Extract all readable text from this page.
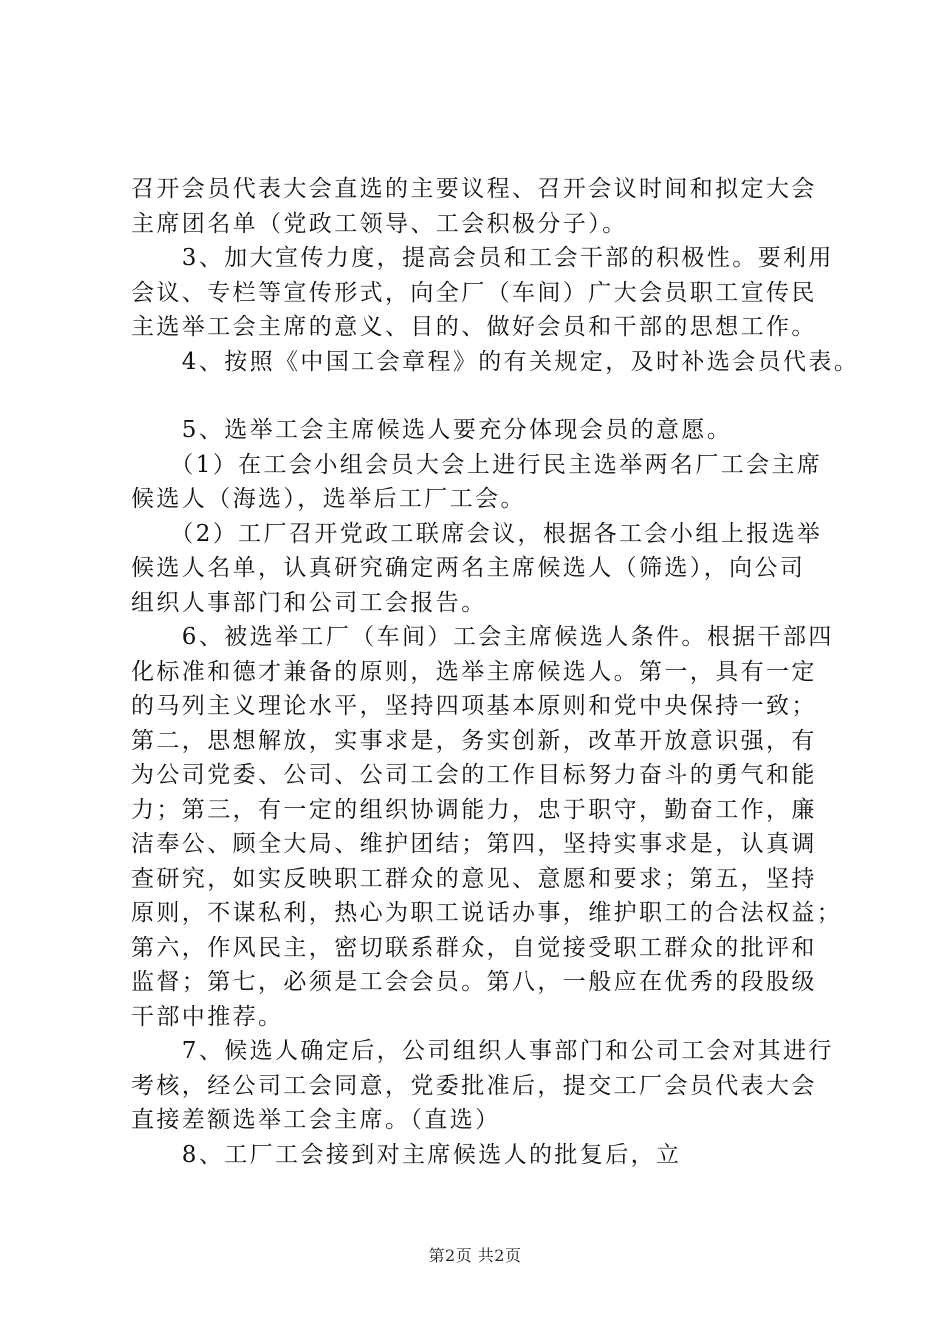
召开会员代表大会直选的主要议程、召开会议时间和拟定大会
主席团名单（党政工领导、工会积极分子）。
　　3、加大宣传力度，提高会员和工会干部的积极性。要利用
会议、专栏等宣传形式，向全厂（车间）广大会员职工宣传民
主选举工会主席的意义、目的、做好会员和干部的思想工作。
　　4、按照《中国工会章程》的有关规定，及时补选会员代表。
　　5、选举工会主席候选人要充分体现会员的意愿。
　　（1）在工会小组会员大会上进行民主选举两名厂工会主席
候选人（海选），选举后工厂工会。
　　（2）工厂召开党政工联席会议，根据各工会小组上报选举
候选人名单，认真研究确定两名主席候选人（筛选），向公司
组织人事部门和公司工会报告。
　　6、被选举工厂（车间）工会主席候选人条件。根据干部四
化标准和德才兼备的原则，选举主席候选人。第一，具有一定
的马列主义理论水平，坚持四项基本原则和党中央保持一致；
第二，思想解放，实事求是，务实创新，改革开放意识强，有
为公司党委、公司、公司工会的工作目标努力奋斗的勇气和能
力；第三，有一定的组织协调能力，忠于职守，勤奋工作，廉
洁奉公、顾全大局、维护团结；第四，坚持实事求是，认真调
查研究，如实反映职工群众的意见、意愿和要求；第五，坚持
原则，不谋私利，热心为职工说话办事，维护职工的合法权益；
第六，作风民主，密切联系群众，自觉接受职工群众的批评和
监督；第七，必须是工会会员。第八，一般应在优秀的段股级
干部中推荐。
　　7、候选人确定后，公司组织人事部门和公司工会对其进行
考核，经公司工会同意，党委批准后，提交工厂会员代表大会
直接差额选举工会主席。（直选）
　　8、工厂工会接到对主席候选人的批复后，立
第2页 共2页
